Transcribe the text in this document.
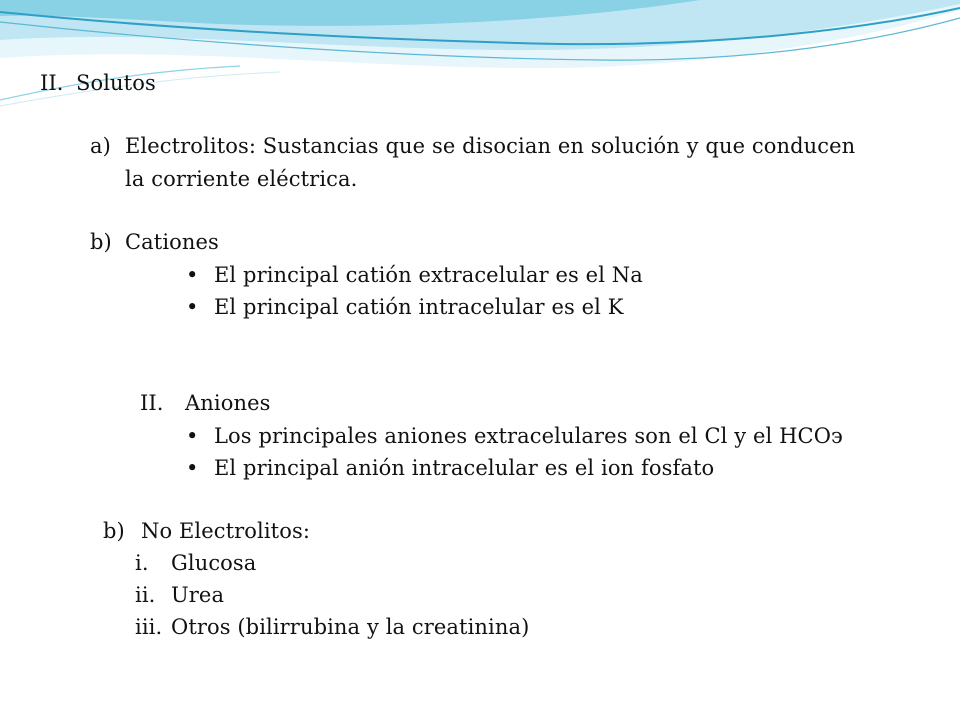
II. Solutos
a) Electrolitos: Sustancias que se disocian en solución y que conducen
la corriente eléctrica.
b) Cationes
• El principal catión extracelular es el Na
• El principal catión intracelular es el K
II. Aniones
• Los principales aniones extracelulares son el Cl y el HCOэ
• El principal anión intracelular es el ion fosfato
b) No Electrolitos:
i. Glucosa
ii. Urea
iii. Otros (bilirrubina y la creatinina)
